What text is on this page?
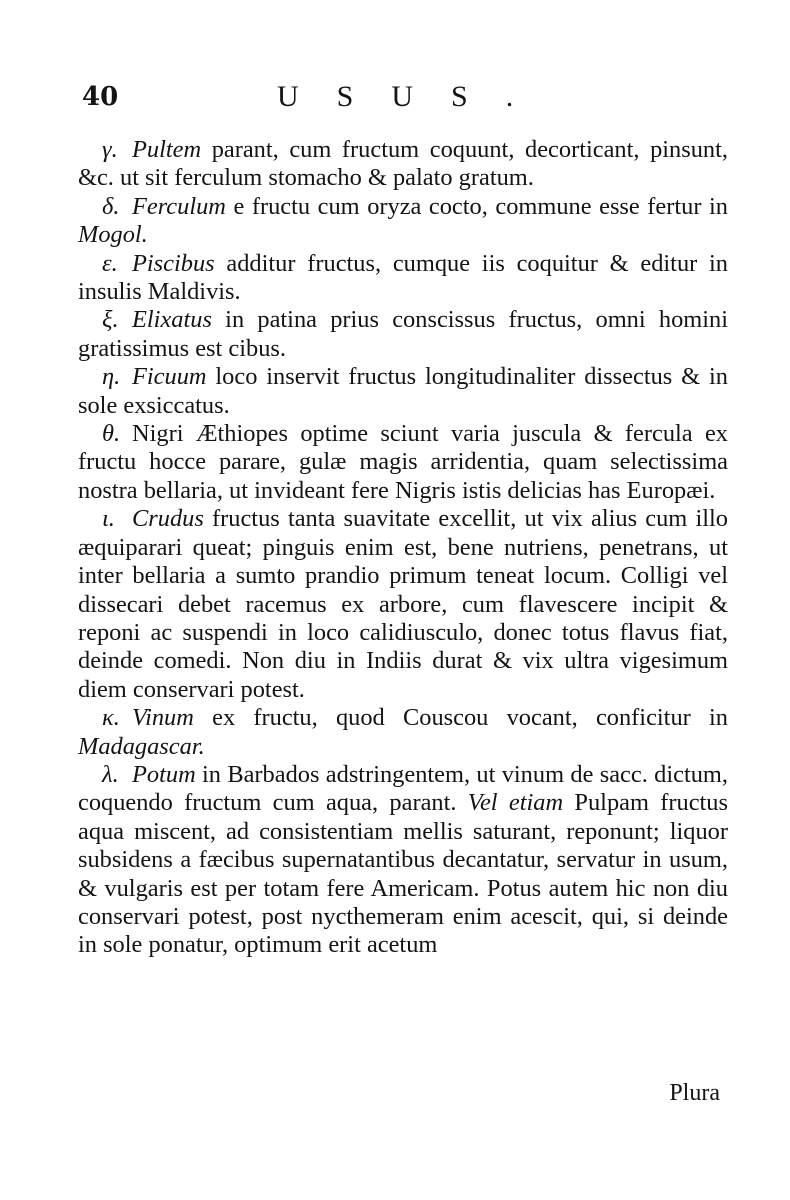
40	USUS.

γ. Pultem parant, cum fructum coquunt, decorticant, pinsunt, &c. ut sit ferculum stomacho & palato gratum.

δ. Ferculum e fructu cum oryza cocto, commune esse fertur in Mogol.

ε. Piscibus additur fructus, cumque iis coquitur & editur in insulis Maldivis.

ξ. Elixatus in patina prius conscissus fructus, omni homini gratissimus est cibus.

η. Ficuum loco inservit fructus longitudinaliter dissectus & in sole exsiccatus.

θ. Nigri Æthiopes optime sciunt varia juscula & fercula ex fructu hocce parare, gulæ magis arridentia, quam selectissima nostra bellaria, ut invideant fere Nigris istis delicias has Europæi.

ι. Crudus fructus tanta suavitate excellit, ut vix alius cum illo æquiparari queat; pinguis enim est, bene nutriens, penetrans, ut inter bellaria a sumto prandio primum teneat locum. Colligi vel dissecari debet racemus ex arbore, cum flavescere incipit & reponi ac suspendi in loco calidiusculo, donec totus flavus fiat, deinde comedi. Non diu in Indiis durat & vix ultra vigesimum diem conservari potest.

κ. Vinum ex fructu, quod Couscou vocant, conficitur in Madagascar.

λ. Potum in Barbados adstringentem, ut vinum de sacc. dictum, coquendo fructum cum aqua, parant. Vel etiam Pulpam fructus aqua miscent, ad consistentiam mellis saturant, reponunt; liquor subsidens a fæcibus supernatantibus decantatur, servatur in usum, & vulgaris est per totam fere Americam. Potus autem hic non diu conservari potest, post nycthemeram enim acescit, qui, si deinde in sole ponatur, optimum erit acetum

Plura
